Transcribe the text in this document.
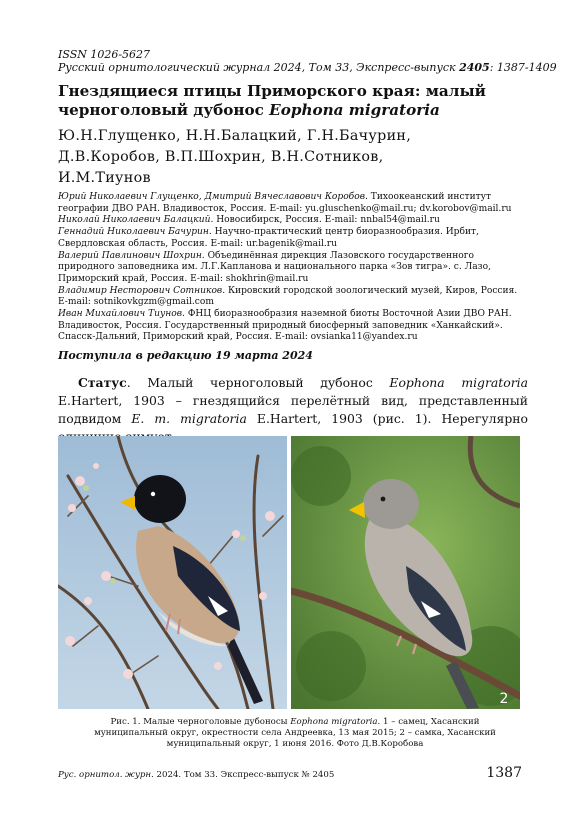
ISSN 1026-5627
Русский орнитологический журнал 2024, Том 33, Экспресс-выпуск 2405: 1387-1409
Гнездящиеся птицы Приморского края: малый
черноголовый дубонос Eophona migratoria
Ю.Н.Глущенко, Н.Н.Балацкий, Г.Н.Бачурин,
Д.В.Коробов, В.П.Шохрин, В.Н.Сотников,
И.М.Тиунов

Юрий Николаевич Глущенко, Дмитрий Вячеславович Коробов. Тихоокеанский институт географии ДВО РАН. Владивосток, Россия. E-mail: yu.gluschenko@mail.ru; dv.korobov@mail.ru

Николай Николаевич Балацкий. Новосибирск, Россия. E-mail: nnbal54@mail.ru

Геннадий Николаевич Бачурин. Научно-практический центр биоразнообразия. Ирбит, Свердловская область, Россия. E-mail: ur.bagenik@mail.ru

Валерий Павлинович Шохрин. Объединённая дирекция Лазовского государственного природного заповедника им. Л.Г.Капланова и национального парка «Зов тигра». с. Лазо, Приморский край, Россия. E-mail: shokhrin@mail.ru

Владимир Несторович Сотников. Кировский городской зоологический музей, Киров, Россия. E-mail: sotnikovkgzm@gmail.com

Иван Михайлович Тиунов. ФНЦ биоразнообразия наземной биоты Восточной Азии ДВО РАН. Владивосток, Россия. Государственный природный биосферный заповедник «Ханкайский». Спасск-Дальний, Приморский край, Россия. E-mail: ovsianka11@yandex.ru

Поступила в редакцию 19 марта 2024
Статус. Малый черноголовый дубонос Eophona migratoria E.Hartert, 1903 – гнездящийся перелётный вид, представленный подвидом E. m. migratoria E.Hartert, 1903 (рис. 1). Нерегулярно
2
Рис. 1. Малые черноголовые дубоносы Eophona migratoria. 1 – самец, Хасанский муниципальный округ, окрестности села Андреевка, 13 мая 2015; 2 – самка, Хасанский муниципальный округ, 1 июня 2016. Фото Д.В.Коробова
Рус. орнитол. журн. 2024. Том 33. Экспресс-выпуск № 2405	1387
